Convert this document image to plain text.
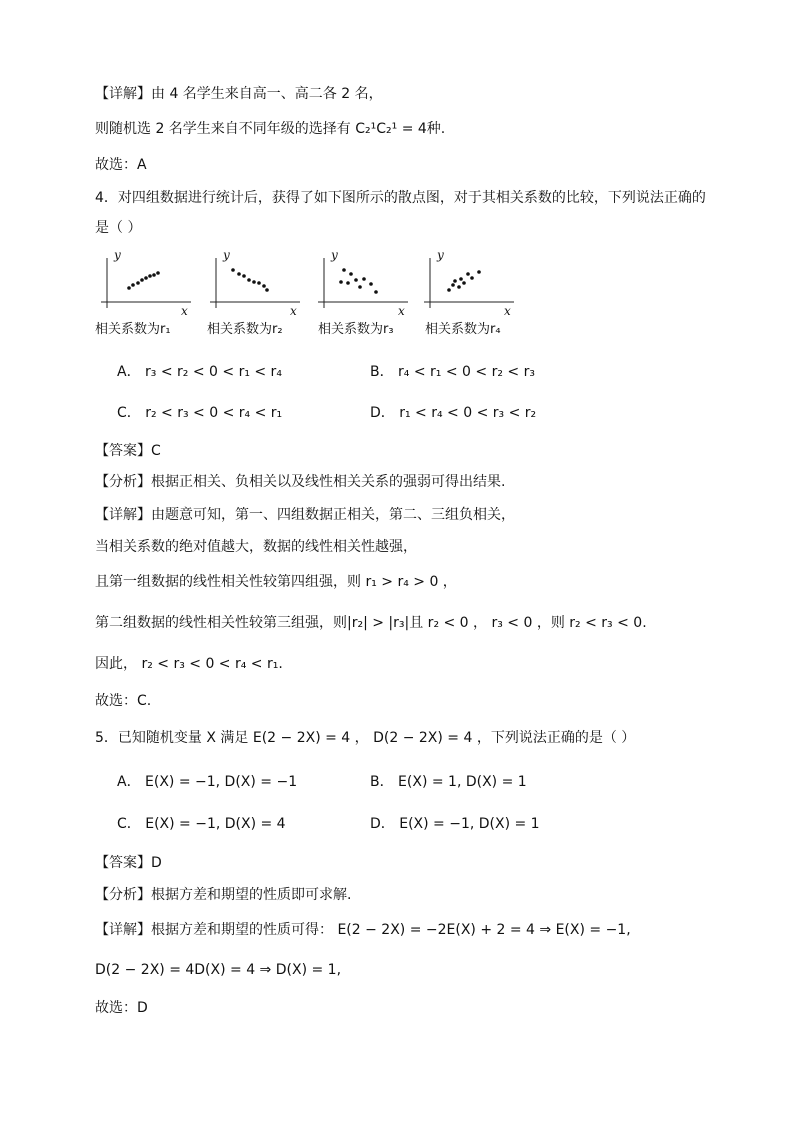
【详解】由 4 名学生来自高一、高二各 2 名，
则随机选 2 名学生来自不同年级的选择有 C₂¹C₂¹ = 4种.
故选：A
4．对四组数据进行统计后，获得了如下图所示的散点图，对于其相关系数的比较，下列说法正确的
是（ ）
y
x
相关系数为r₁
y
x
相关系数为r₂
y
x
相关系数为r₃
y
x
相关系数为r₄
A． r₃ < r₂ < 0 < r₁ < r₄	B． r₄ < r₁ < 0 < r₂ < r₃
C． r₂ < r₃ < 0 < r₄ < r₁	D． r₁ < r₄ < 0 < r₃ < r₂
【答案】C
【分析】根据正相关、负相关以及线性相关关系的强弱可得出结果.
【详解】由题意可知，第一、四组数据正相关，第二、三组负相关，
当相关系数的绝对值越大，数据的线性相关性越强，
且第一组数据的线性相关性较第四组强，则 r₁ > r₄ > 0 ，
第二组数据的线性相关性较第三组强，则|r₂| > |r₃|且 r₂ < 0 ， r₃ < 0 ，则 r₂ < r₃ < 0.
因此， r₂ < r₃ < 0 < r₄ < r₁.
故选：C.
5．已知随机变量 X 满足 E(2 − 2X) = 4 ， D(2 − 2X) = 4 ，下列说法正确的是（ ）
A． E(X) = −1, D(X) = −1	B． E(X) = 1, D(X) = 1
C． E(X) = −1, D(X) = 4	D． E(X) = −1, D(X) = 1
【答案】D
【分析】根据方差和期望的性质即可求解.
【详解】根据方差和期望的性质可得： E(2 − 2X) = −2E(X) + 2 = 4 ⇒ E(X) = −1,
D(2 − 2X) = 4D(X) = 4 ⇒ D(X) = 1,
故选：D
